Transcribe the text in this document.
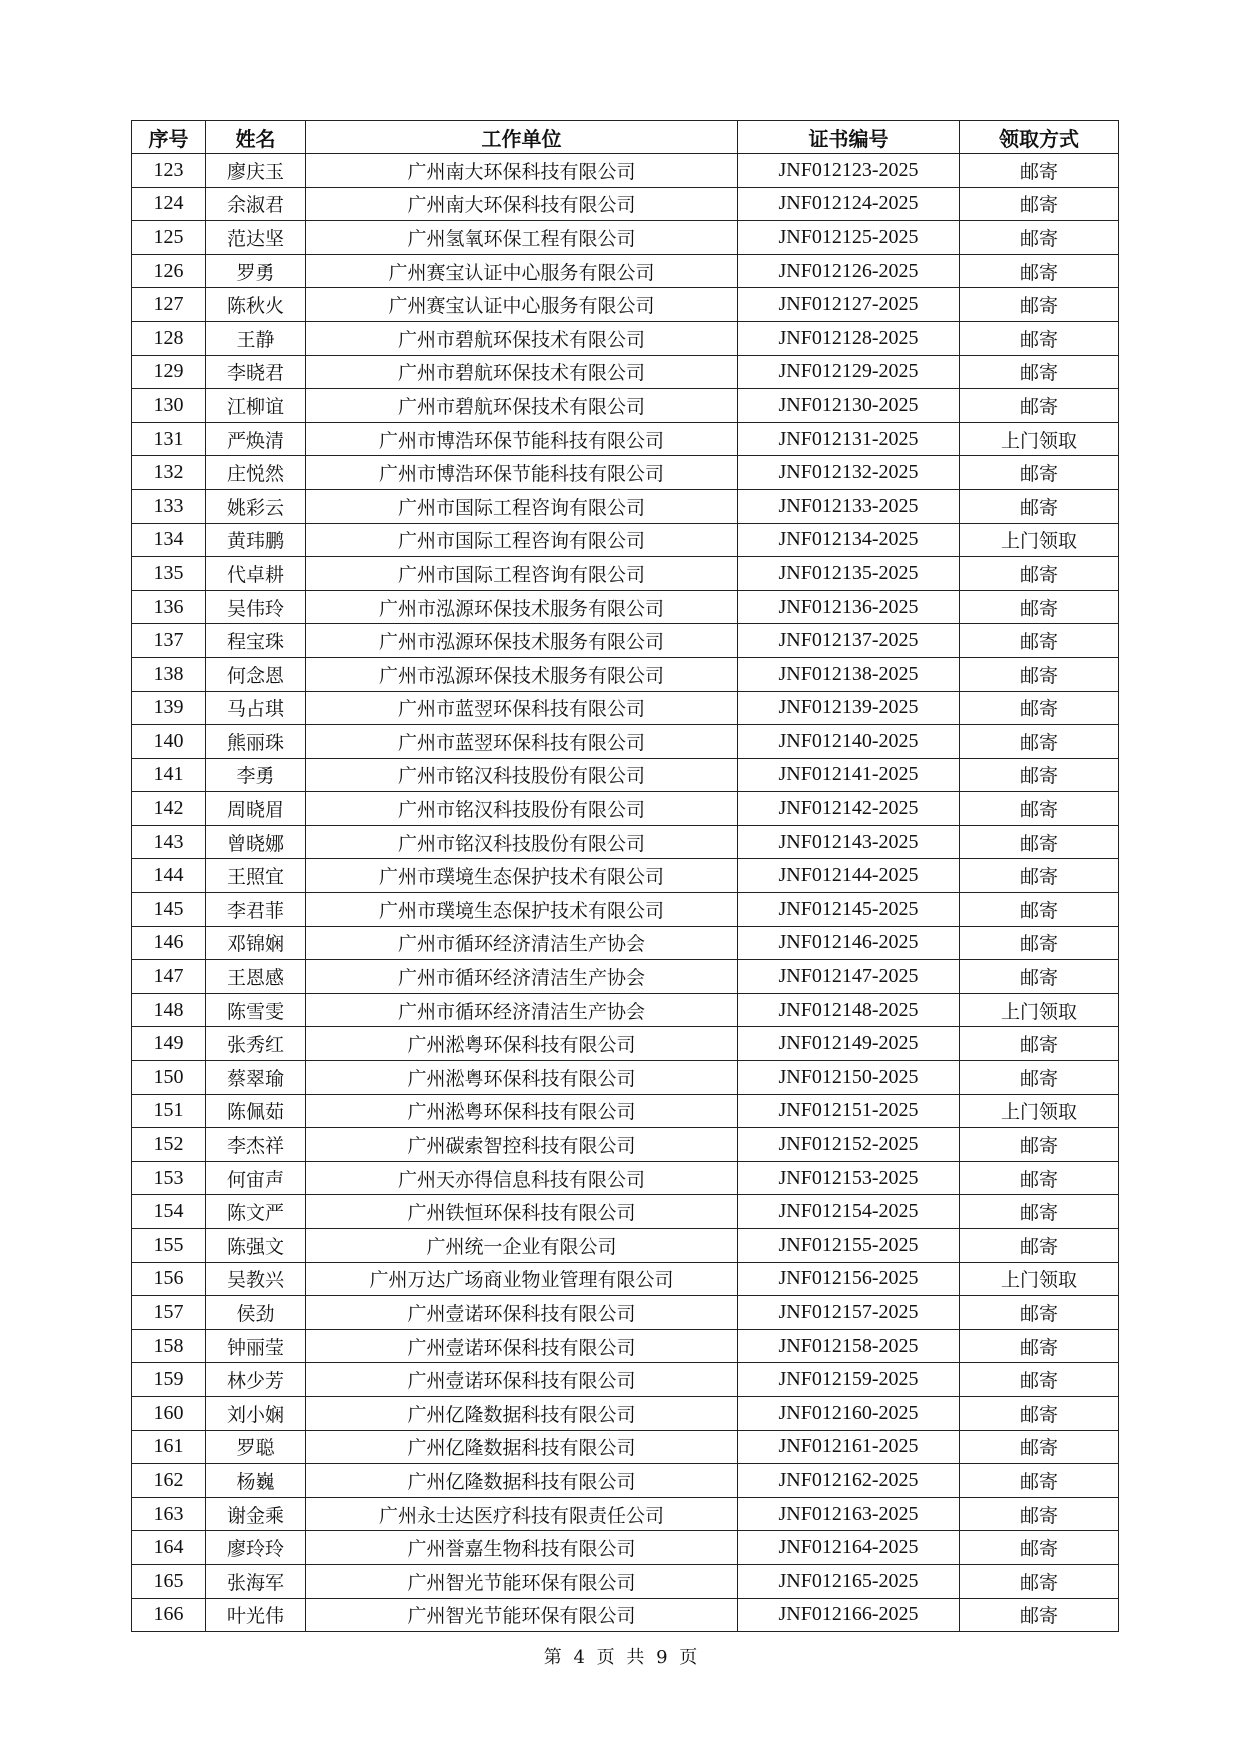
序号	姓名	工作单位	证书编号	领取方式
123	廖庆玉	广州南大环保科技有限公司	JNF012123-2025	邮寄
124	余淑君	广州南大环保科技有限公司	JNF012124-2025	邮寄
125	范达坚	广州氢氧环保工程有限公司	JNF012125-2025	邮寄
126	罗勇	广州赛宝认证中心服务有限公司	JNF012126-2025	邮寄
127	陈秋火	广州赛宝认证中心服务有限公司	JNF012127-2025	邮寄
128	王静	广州市碧航环保技术有限公司	JNF012128-2025	邮寄
129	李晓君	广州市碧航环保技术有限公司	JNF012129-2025	邮寄
130	江柳谊	广州市碧航环保技术有限公司	JNF012130-2025	邮寄
131	严焕清	广州市博浩环保节能科技有限公司	JNF012131-2025	上门领取
132	庄悦然	广州市博浩环保节能科技有限公司	JNF012132-2025	邮寄
133	姚彩云	广州市国际工程咨询有限公司	JNF012133-2025	邮寄
134	黄玮鹏	广州市国际工程咨询有限公司	JNF012134-2025	上门领取
135	代卓耕	广州市国际工程咨询有限公司	JNF012135-2025	邮寄
136	吴伟玲	广州市泓源环保技术服务有限公司	JNF012136-2025	邮寄
137	程宝珠	广州市泓源环保技术服务有限公司	JNF012137-2025	邮寄
138	何念恩	广州市泓源环保技术服务有限公司	JNF012138-2025	邮寄
139	马占琪	广州市蓝翌环保科技有限公司	JNF012139-2025	邮寄
140	熊丽珠	广州市蓝翌环保科技有限公司	JNF012140-2025	邮寄
141	李勇	广州市铭汉科技股份有限公司	JNF012141-2025	邮寄
142	周晓眉	广州市铭汉科技股份有限公司	JNF012142-2025	邮寄
143	曾晓娜	广州市铭汉科技股份有限公司	JNF012143-2025	邮寄
144	王照宜	广州市璞境生态保护技术有限公司	JNF012144-2025	邮寄
145	李君菲	广州市璞境生态保护技术有限公司	JNF012145-2025	邮寄
146	邓锦娴	广州市循环经济清洁生产协会	JNF012146-2025	邮寄
147	王恩感	广州市循环经济清洁生产协会	JNF012147-2025	邮寄
148	陈雪雯	广州市循环经济清洁生产协会	JNF012148-2025	上门领取
149	张秀红	广州淞粤环保科技有限公司	JNF012149-2025	邮寄
150	蔡翠瑜	广州淞粤环保科技有限公司	JNF012150-2025	邮寄
151	陈佩茹	广州淞粤环保科技有限公司	JNF012151-2025	上门领取
152	李杰祥	广州碳索智控科技有限公司	JNF012152-2025	邮寄
153	何宙声	广州天亦得信息科技有限公司	JNF012153-2025	邮寄
154	陈文严	广州铁恒环保科技有限公司	JNF012154-2025	邮寄
155	陈强文	广州统一企业有限公司	JNF012155-2025	邮寄
156	吴教兴	广州万达广场商业物业管理有限公司	JNF012156-2025	上门领取
157	侯劲	广州壹诺环保科技有限公司	JNF012157-2025	邮寄
158	钟丽莹	广州壹诺环保科技有限公司	JNF012158-2025	邮寄
159	林少芳	广州壹诺环保科技有限公司	JNF012159-2025	邮寄
160	刘小娴	广州亿隆数据科技有限公司	JNF012160-2025	邮寄
161	罗聪	广州亿隆数据科技有限公司	JNF012161-2025	邮寄
162	杨巍	广州亿隆数据科技有限公司	JNF012162-2025	邮寄
163	谢金乘	广州永士达医疗科技有限责任公司	JNF012163-2025	邮寄
164	廖玲玲	广州誉嘉生物科技有限公司	JNF012164-2025	邮寄
165	张海军	广州智光节能环保有限公司	JNF012165-2025	邮寄
166	叶光伟	广州智光节能环保有限公司	JNF012166-2025	邮寄
第 4 页 共 9 页
